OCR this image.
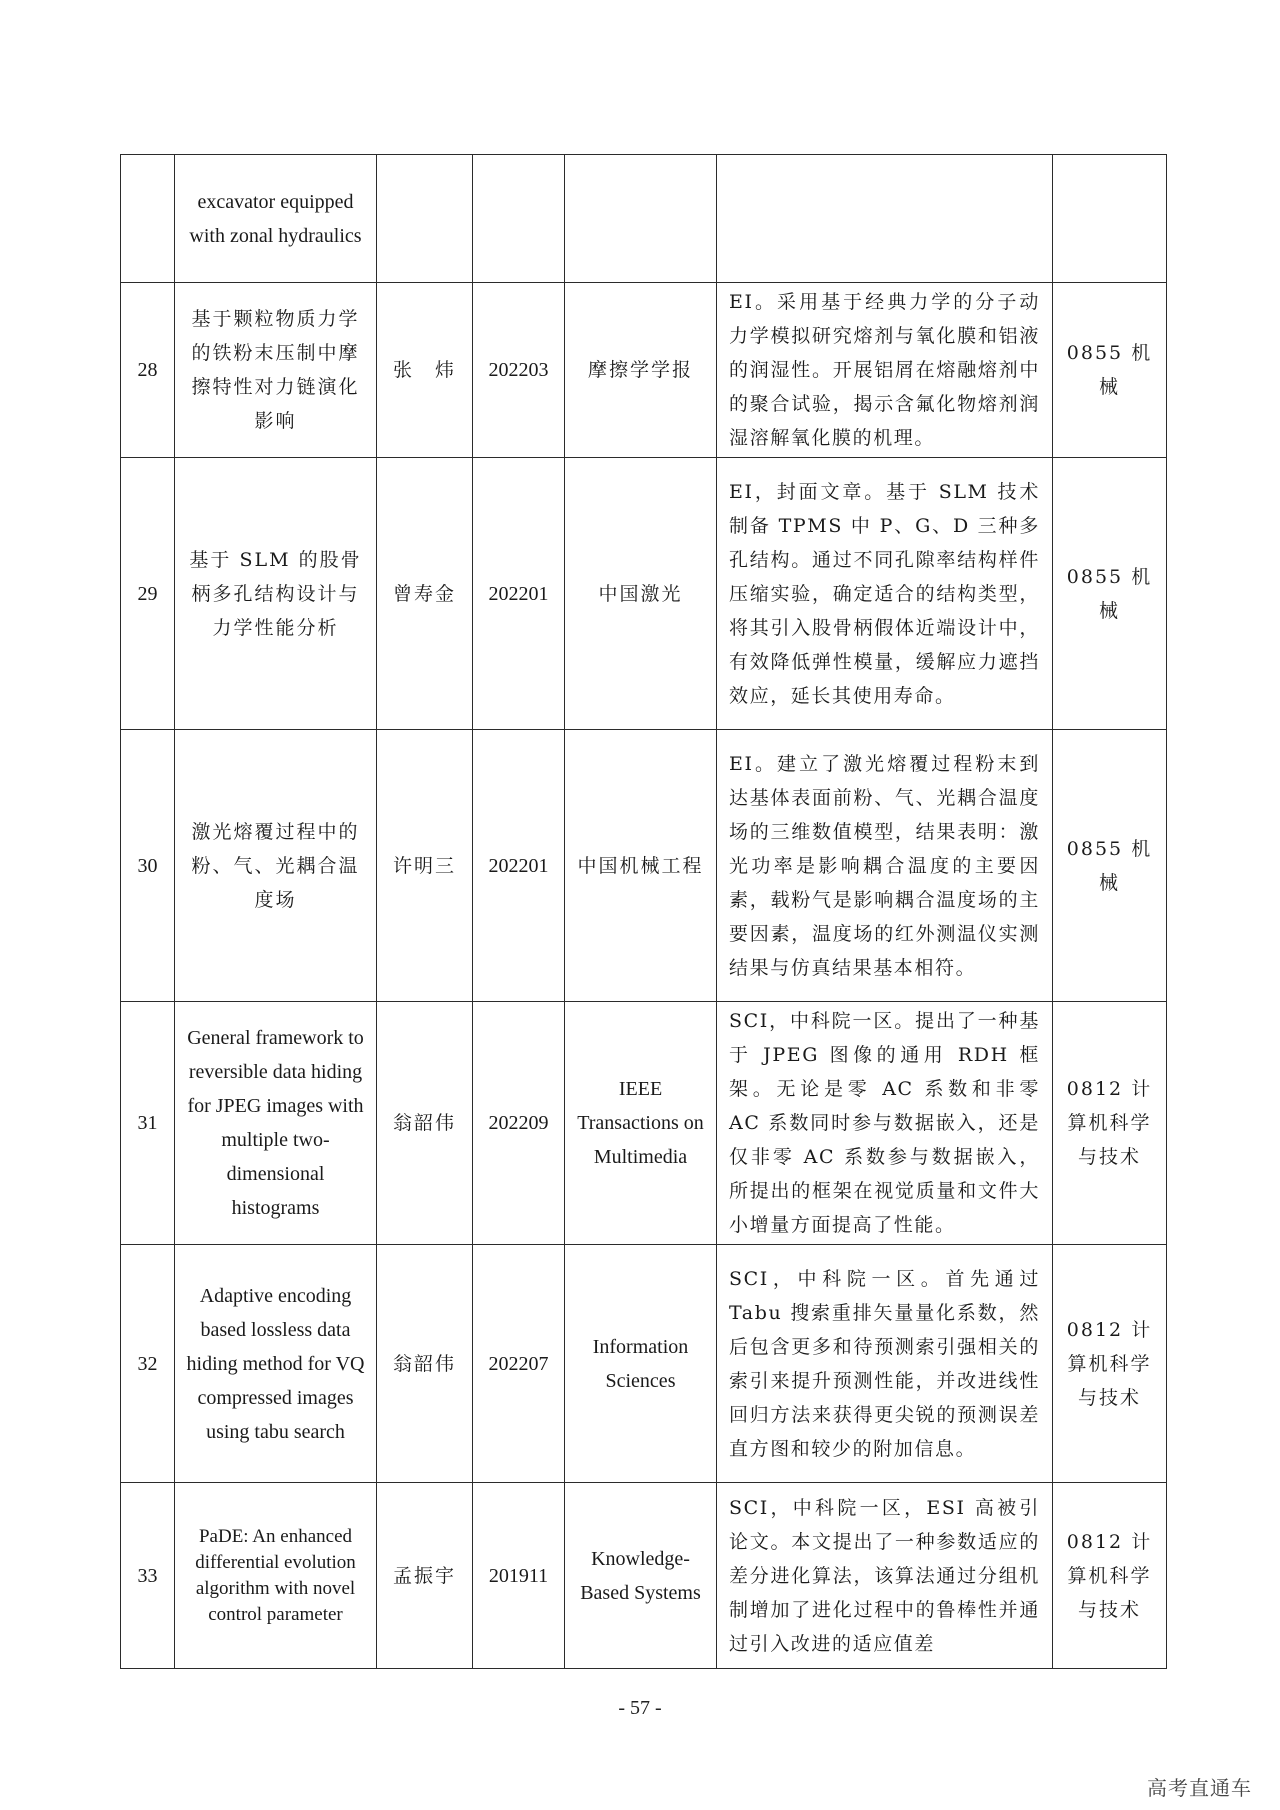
	excavator equipped with zonal hydraulics					
28	基于颗粒物质力学的铁粉末压制中摩擦特性对力链演化影响	张　炜	202203	摩擦学学报	EI。采用基于经典力学的分子动力学模拟研究熔剂与氧化膜和铝液的润湿性。开展铝屑在熔融熔剂中的聚合试验，揭示含氟化物熔剂润湿溶解氧化膜的机理。	0855 机械
29	基于 SLM 的股骨柄多孔结构设计与力学性能分析	曾寿金	202201	中国激光	EI，封面文章。基于 SLM 技术制备 TPMS 中 P、G、D 三种多孔结构。通过不同孔隙率结构样件压缩实验，确定适合的结构类型，将其引入股骨柄假体近端设计中，有效降低弹性模量，缓解应力遮挡效应，延长其使用寿命。	0855 机械
30	激光熔覆过程中的粉、气、光耦合温度场	许明三	202201	中国机械工程	EI。建立了激光熔覆过程粉末到达基体表面前粉、气、光耦合温度场的三维数值模型，结果表明：激光功率是影响耦合温度的主要因素，载粉气是影响耦合温度场的主要因素，温度场的红外测温仪实测结果与仿真结果基本相符。	0855 机械
31	General framework to reversible data hiding for JPEG images with multiple two-dimensional histograms	翁韶伟	202209	IEEE Transactions on Multimedia	SCI，中科院一区。提出了一种基于 JPEG 图像的通用 RDH 框架。无论是零 AC 系数和非零 AC 系数同时参与数据嵌入，还是仅非零 AC 系数参与数据嵌入，所提出的框架在视觉质量和文件大小增量方面提高了性能。	0812 计算机科学与技术
32	Adaptive encoding based lossless data hiding method for VQ compressed images using tabu search	翁韶伟	202207	Information Sciences	SCI，中科院一区。首先通过 Tabu 搜索重排矢量量化系数，然后包含更多和待预测索引强相关的索引来提升预测性能，并改进线性回归方法来获得更尖锐的预测误差直方图和较少的附加信息。	0812 计算机科学与技术
33	PaDE: An enhanced differential evolution algorithm with novel control parameter	孟振宇	201911	Knowledge-Based Systems	SCI，中科院一区，ESI 高被引论文。本文提出了一种参数适应的差分进化算法，该算法通过分组机制增加了进化过程中的鲁棒性并通过引入改进的适应值差	0812 计算机科学与技术
- 57 -
高考直通车
